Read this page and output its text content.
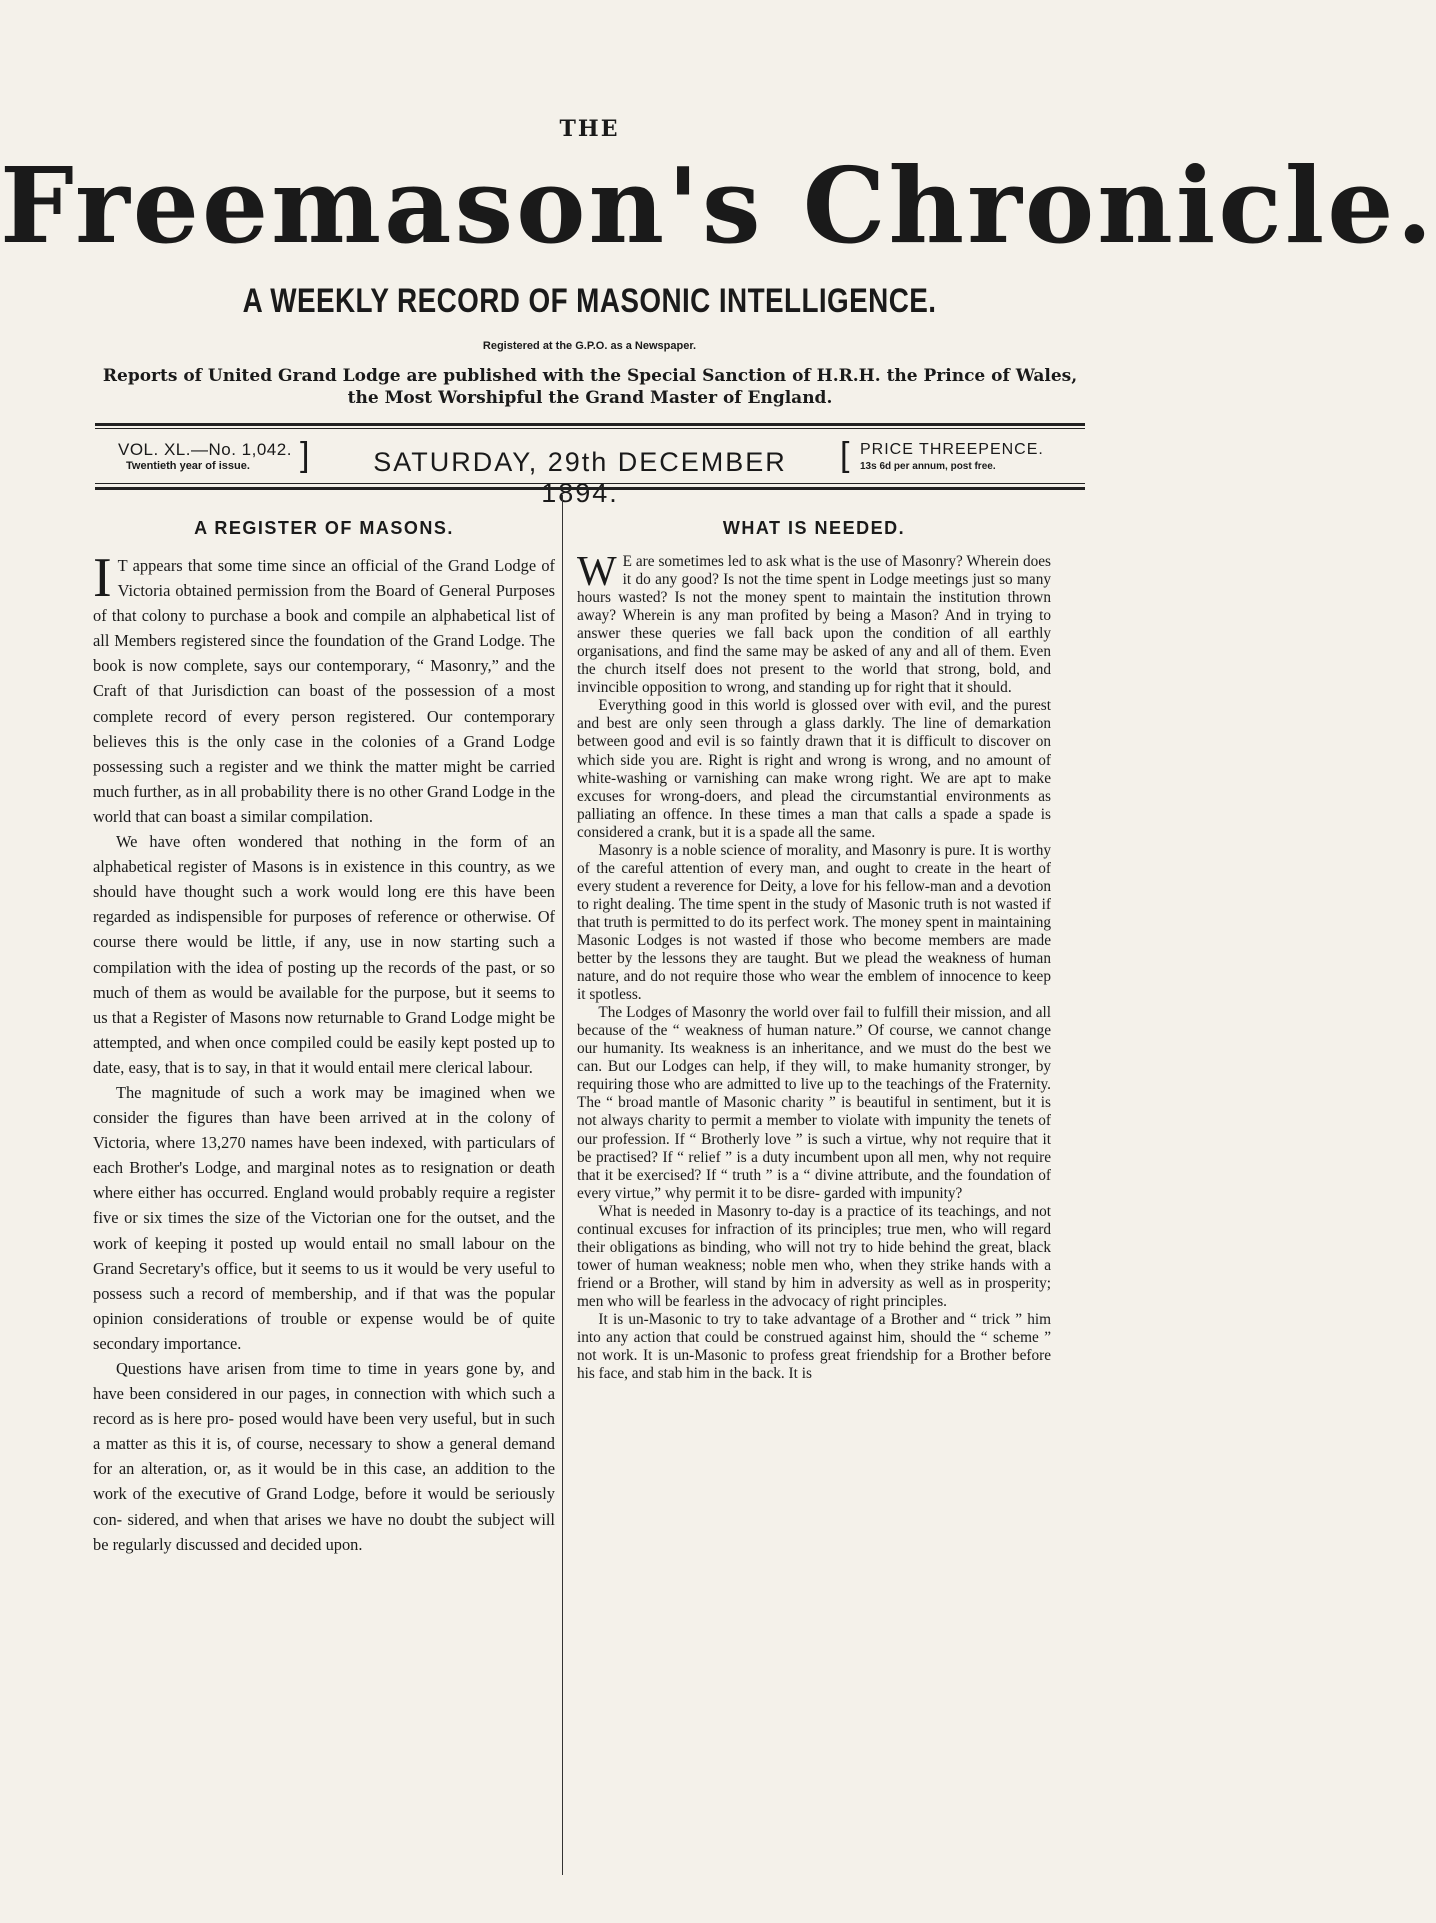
THE
Freemason's Chronicle.
A WEEKLY RECORD OF MASONIC INTELLIGENCE.
Registered at the G.P.O. as a Newspaper.
Reports of United Grand Lodge are published with the Special Sanction of H.R.H. the Prince of Wales,
the Most Worshipful the Grand Master of England.
VOL. XL.—No. 1,042.
Twentieth year of issue.	]	SATURDAY, 29th DECEMBER 1894.
[ PRICE THREEPENCE.
13s 6d per annum, post free.
A REGISTER OF MASONS.

I T appears that some time since an official of the Grand Lodge of Victoria obtained permission from the Board of General Purposes of that colony to purchase a book and compile an alphabetical list of all Members registered since the foundation of the Grand Lodge. The book is now complete, says our contemporary, “ Masonry,” and the Craft of that Jurisdiction can boast of the possession of a most complete record of every person registered. Our contemporary believes this is the only case in the colonies of a Grand Lodge possessing such a register and we think the matter might be carried much further, as in all probability there is no other Grand Lodge in the world that can boast a similar compilation.

We have often wondered that nothing in the form of an alphabetical register of Masons is in existence in this country, as we should have thought such a work would long ere this have been regarded as indispensible for purposes of reference or otherwise. Of course there would be little, if any, use in now starting such a compilation with the idea of posting up the records of the past, or so much of them as would be available for the purpose, but it seems to us that a Register of Masons now returnable to Grand Lodge might be attempted, and when once compiled could be easily kept posted up to date, easy, that is to say, in that it would entail mere clerical labour.

The magnitude of such a work may be imagined when we consider the figures than have been arrived at in the colony of Victoria, where 13,270 names have been indexed, with particulars of each Brother's Lodge, and marginal notes as to resignation or death where either has occurred. England would probably require a register five or six times the size of the Victorian one for the outset, and the work of keeping it posted up would entail no small labour on the Grand Secretary's office, but it seems to us it would be very useful to possess such a record of membership, and if that was the popular opinion considerations of trouble or expense would be of quite secondary importance.

Questions have arisen from time to time in years gone by, and have been considered in our pages, in connection with which such a record as is here pro- posed would have been very useful, but in such a matter as this it is, of course, necessary to show a general demand for an alteration, or, as it would be in this case, an addition to the work of the executive of Grand Lodge, before it would be seriously con- sidered, and when that arises we have no doubt the subject will be regularly discussed and decided upon.

WHAT IS NEEDED.

W E are sometimes led to ask what is the use of Masonry? Wherein does it do any good? Is not the time spent in Lodge meetings just so many hours wasted? Is not the money spent to maintain the institution thrown away? Wherein is any man profited by being a Mason? And in trying to answer these queries we fall back upon the condition of all earthly organisations, and find the same may be asked of any and all of them. Even the church itself does not present to the world that strong, bold, and invincible opposition to wrong, and standing up for right that it should.

Everything good in this world is glossed over with evil, and the purest and best are only seen through a glass darkly. The line of demarkation between good and evil is so faintly drawn that it is difficult to discover on which side you are. Right is right and wrong is wrong, and no amount of white-washing or varnishing can make wrong right. We are apt to make excuses for wrong-doers, and plead the circumstantial environments as palliating an offence. In these times a man that calls a spade a spade is considered a crank, but it is a spade all the same.

Masonry is a noble science of morality, and Masonry is pure. It is worthy of the careful attention of every man, and ought to create in the heart of every student a reverence for Deity, a love for his fellow-man and a devotion to right dealing. The time spent in the study of Masonic truth is not wasted if that truth is permitted to do its perfect work. The money spent in maintaining Masonic Lodges is not wasted if those who become members are made better by the lessons they are taught. But we plead the weakness of human nature, and do not require those who wear the emblem of innocence to keep it spotless.

The Lodges of Masonry the world over fail to fulfill their mission, and all because of the “ weakness of human nature.” Of course, we cannot change our humanity. Its weakness is an inheritance, and we must do the best we can. But our Lodges can help, if they will, to make humanity stronger, by requiring those who are admitted to live up to the teachings of the Fraternity. The “ broad mantle of Masonic charity ” is beautiful in sentiment, but it is not always charity to permit a member to violate with impunity the tenets of our profession. If “ Brotherly love ” is such a virtue, why not require that it be practised? If “ relief ” is a duty incumbent upon all men, why not require that it be exercised? If “ truth ” is a “ divine attribute, and the foundation of every virtue,” why permit it to be disre- garded with impunity?

What is needed in Masonry to-day is a practice of its teachings, and not continual excuses for infraction of its principles; true men, who will regard their obligations as binding, who will not try to hide behind the great, black tower of human weakness; noble men who, when they strike hands with a friend or a Brother, will stand by him in adversity as well as in prosperity; men who will be fearless in the advocacy of right principles.

It is un-Masonic to try to take advantage of a Brother and “ trick ” him into any action that could be construed against him, should the “ scheme ” not work. It is un-Masonic to profess great friendship for a Brother before his face, and stab him in the back. It is
